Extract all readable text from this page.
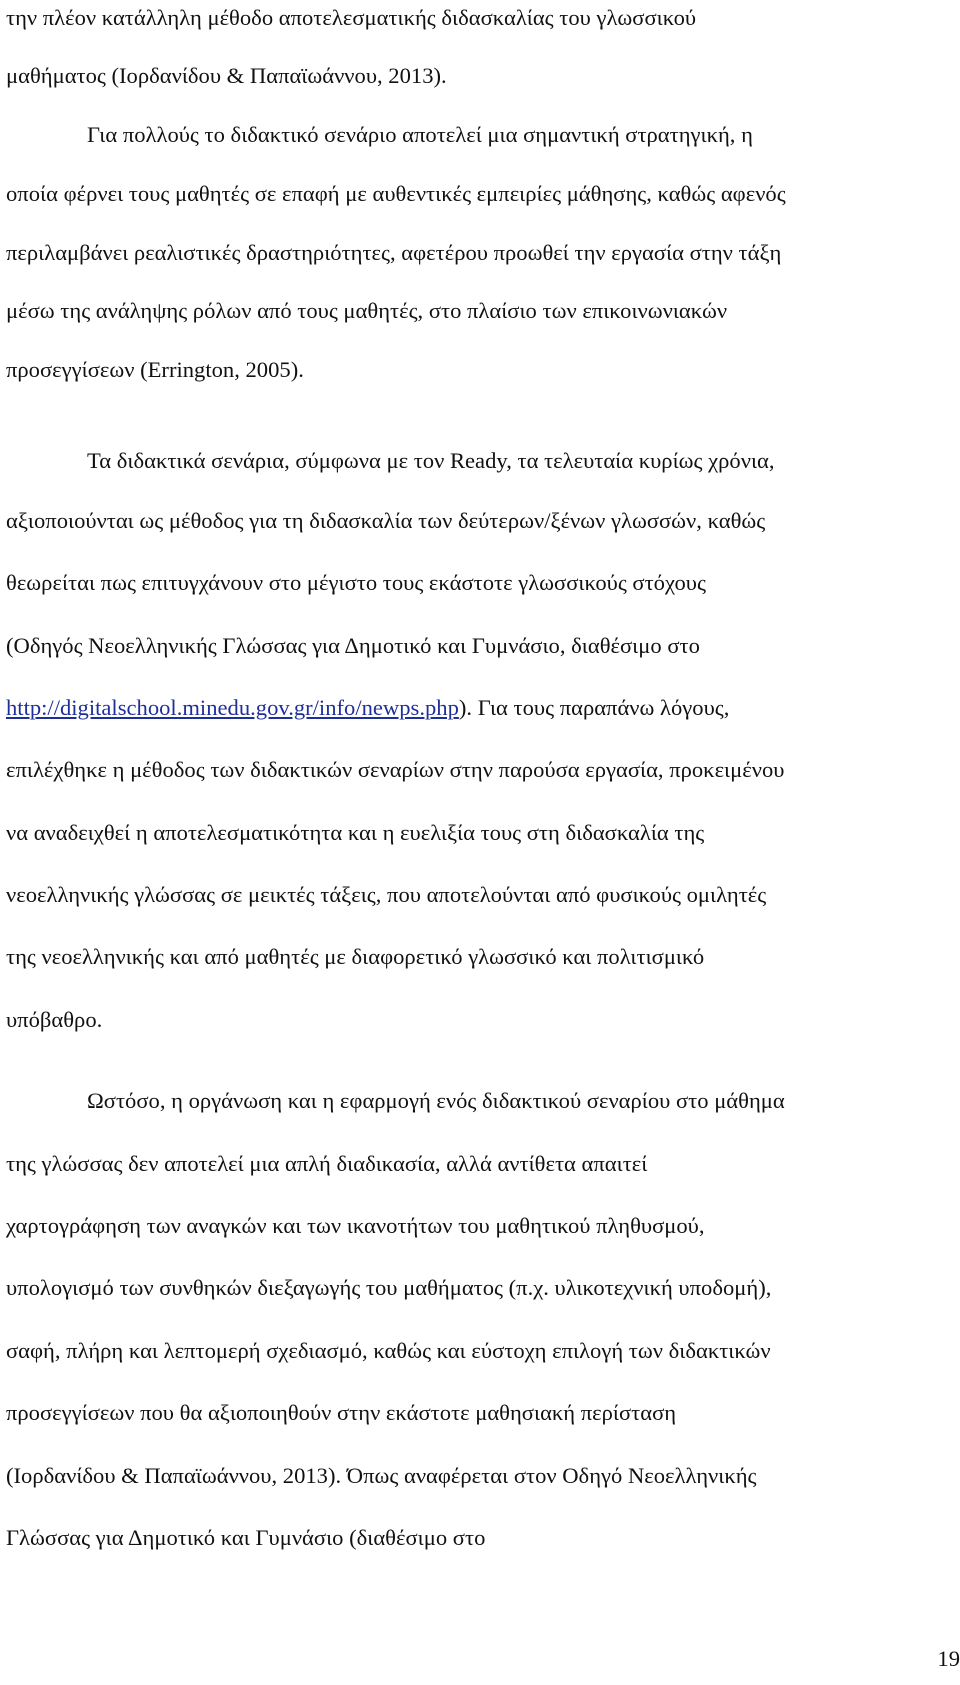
την πλέον κατάλληλη μέθοδο αποτελεσματικής διδασκαλίας του γλωσσικού
μαθήματος (Ιορδανίδου & Παπαϊωάννου, 2013).
Για πολλούς το διδακτικό σενάριο αποτελεί μια σημαντική στρατηγική, η
οποία φέρνει τους μαθητές σε επαφή με αυθεντικές εμπειρίες μάθησης, καθώς αφενός
περιλαμβάνει ρεαλιστικές δραστηριότητες, αφετέρου προωθεί την εργασία στην τάξη
μέσω της ανάληψης ρόλων από τους μαθητές, στο πλαίσιο των επικοινωνιακών
προσεγγίσεων (Errington, 2005).
Τα διδακτικά σενάρια, σύμφωνα με τον Ready, τα τελευταία κυρίως χρόνια,
αξιοποιούνται ως μέθοδος για τη διδασκαλία των δεύτερων/ξένων γλωσσών, καθώς
θεωρείται πως επιτυγχάνουν στο μέγιστο τους εκάστοτε γλωσσικούς στόχους
(Οδηγός Νεοελληνικής Γλώσσας για Δημοτικό και Γυμνάσιο, διαθέσιμο στο
http://digitalschool.minedu.gov.gr/info/newps.php). Για τους παραπάνω λόγους,
επιλέχθηκε η μέθοδος των διδακτικών σεναρίων στην παρούσα εργασία, προκειμένου
να αναδειχθεί η αποτελεσματικότητα και η ευελιξία τους στη διδασκαλία της
νεοελληνικής γλώσσας σε μεικτές τάξεις, που αποτελούνται από φυσικούς ομιλητές
της νεοελληνικής και από μαθητές με διαφορετικό γλωσσικό και πολιτισμικό
υπόβαθρο.
Ωστόσο, η οργάνωση και η εφαρμογή ενός διδακτικού σεναρίου στο μάθημα
της γλώσσας δεν αποτελεί μια απλή διαδικασία, αλλά αντίθετα απαιτεί
χαρτογράφηση των αναγκών και των ικανοτήτων του μαθητικού πληθυσμού,
υπολογισμό των συνθηκών διεξαγωγής του μαθήματος (π.χ. υλικοτεχνική υποδομή),
σαφή, πλήρη και λεπτομερή σχεδιασμό, καθώς και εύστοχη επιλογή των διδακτικών
προσεγγίσεων που θα αξιοποιηθούν στην εκάστοτε μαθησιακή περίσταση
(Ιορδανίδου & Παπαϊωάννου, 2013). Όπως αναφέρεται στον Οδηγό Νεοελληνικής
Γλώσσας για Δημοτικό και Γυμνάσιο (διαθέσιμο στο
19
